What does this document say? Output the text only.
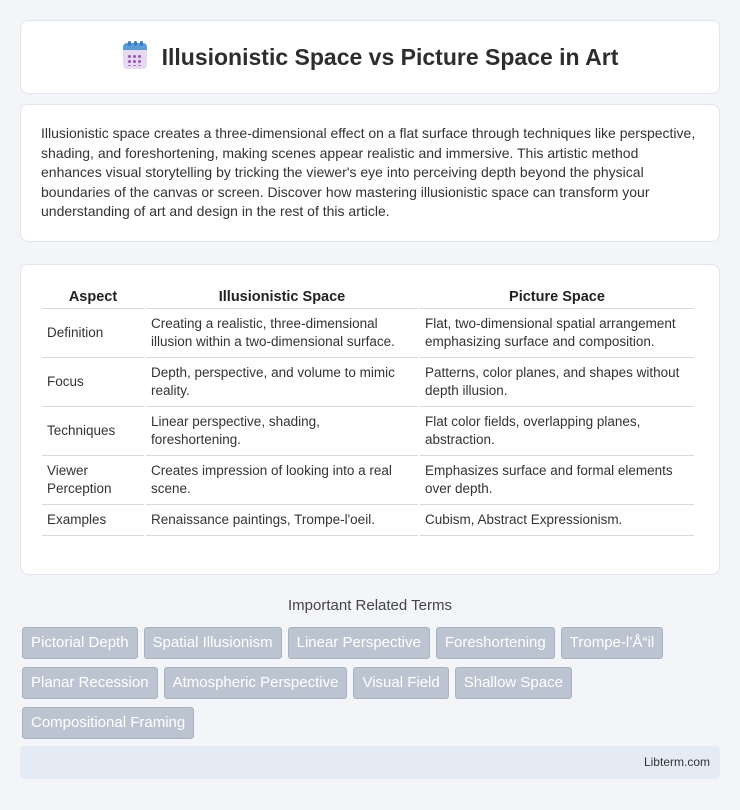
Illusionistic Space vs Picture Space in Art

Illusionistic space creates a three-dimensional effect on a flat surface through techniques like perspective, shading, and foreshortening, making scenes appear realistic and immersive. This artistic method enhances visual storytelling by tricking the viewer's eye into perceiving depth beyond the physical boundaries of the canvas or screen. Discover how mastering illusionistic space can transform your understanding of art and design in the rest of this article.

Aspect	Illusionistic Space	Picture Space
Definition	Creating a realistic, three-dimensional illusion within a two-dimensional surface.	Flat, two-dimensional spatial arrangement emphasizing surface and composition.
Focus	Depth, perspective, and volume to mimic reality.	Patterns, color planes, and shapes without depth illusion.
Techniques	Linear perspective, shading, foreshortening.	Flat color fields, overlapping planes, abstraction.
Viewer Perception	Creates impression of looking into a real scene.	Emphasizes surface and formal elements over depth.
Examples	Renaissance paintings, Trompe-l'oeil.	Cubism, Abstract Expressionism.
Important Related Terms
Pictorial Depth	Spatial Illusionism	Linear Perspective	Foreshortening	Trompe-l’Å“il
Planar Recession	Atmospheric Perspective	Visual Field	Shallow Space
Compositional Framing
Libterm.com
